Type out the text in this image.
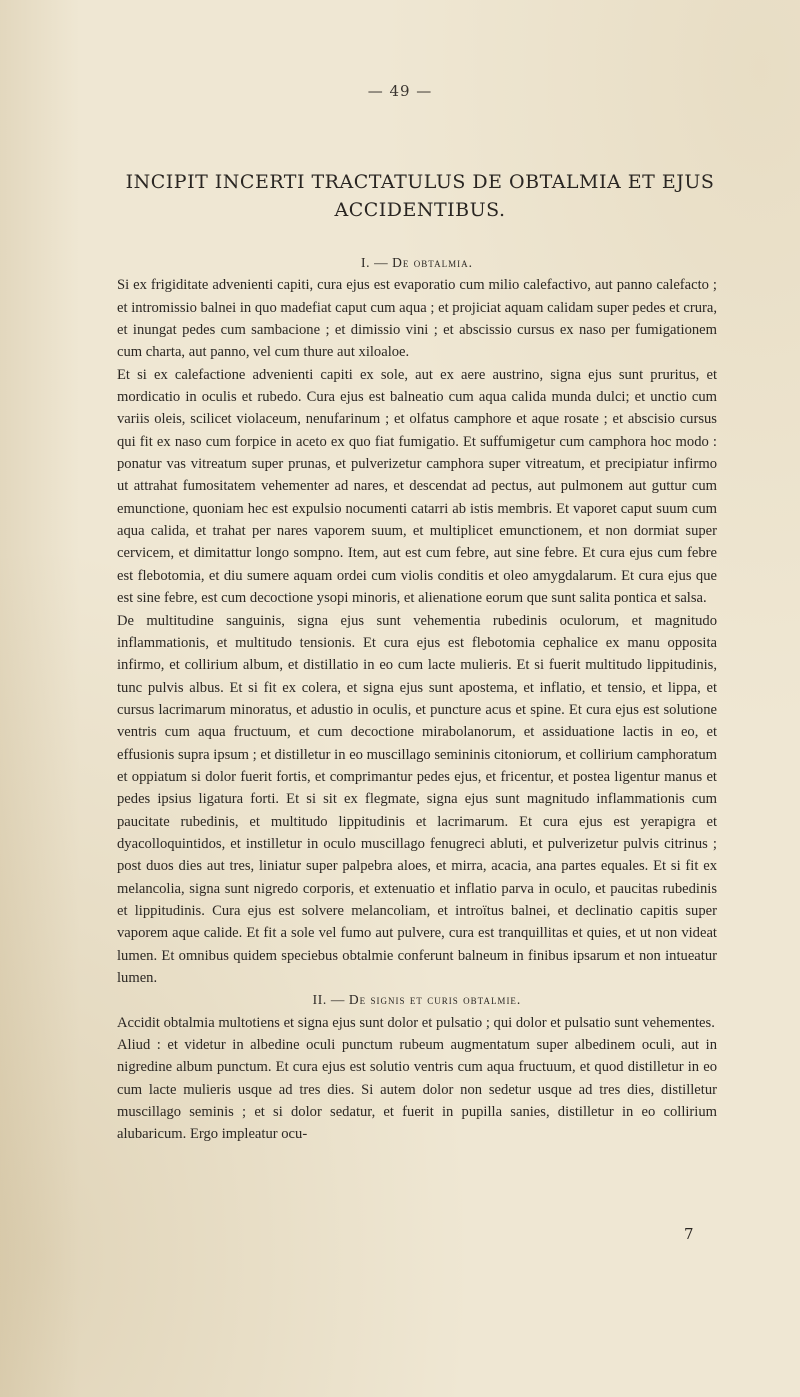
— 49 —
INCIPIT INCERTI TRACTATULUS DE OBTALMIA ET EJUS
ACCIDENTIBUS.

I. — De obtalmia.

Si ex frigiditate advenienti capiti, cura ejus est evaporatio cum milio calefactivo, aut panno calefacto ; et intromissio balnei in quo madefiat caput cum aqua ; et projiciat aquam calidam super pedes et crura, et inungat pedes cum sambacione ; et dimissio vini ; et abscissio cursus ex naso per fumigationem cum charta, aut panno, vel cum thure aut xiloaloe.

Et si ex calefactione advenienti capiti ex sole, aut ex aere austrino, signa ejus sunt pruritus, et mordicatio in oculis et rubedo. Cura ejus est balneatio cum aqua calida munda dulci; et unctio cum variis oleis, scilicet violaceum, nenufarinum ; et olfatus camphore et aque rosate ; et abscisio cursus qui fit ex naso cum forpice in aceto ex quo fiat fumigatio. Et suffumigetur cum camphora hoc modo : ponatur vas vitreatum super prunas, et pulverizetur camphora super vitreatum, et precipiatur infirmo ut attrahat fumositatem vehementer ad nares, et descendat ad pectus, aut pulmonem aut guttur cum emunctione, quoniam hec est expulsio nocumenti catarri ab istis membris. Et vaporet caput suum cum aqua calida, et trahat per nares vaporem suum, et multiplicet emunctionem, et non dormiat super cervicem, et dimitattur longo sompno. Item, aut est cum febre, aut sine febre. Et cura ejus cum febre est flebotomia, et diu sumere aquam ordei cum violis conditis et oleo amygdalarum. Et cura ejus que est sine febre, est cum decoctione ysopi minoris, et alienatione eorum que sunt salita pontica et salsa.

De multitudine sanguinis, signa ejus sunt vehementia rubedinis oculorum, et magnitudo inflammationis, et multitudo tensionis. Et cura ejus est flebotomia cephalice ex manu opposita infirmo, et collirium album, et distillatio in eo cum lacte mulieris. Et si fuerit multitudo lippitudinis, tunc pulvis albus. Et si fit ex colera, et signa ejus sunt apostema, et inflatio, et tensio, et lippa, et cursus lacrimarum minoratus, et adustio in oculis, et puncture acus et spine. Et cura ejus est solutione ventris cum aqua fructuum, et cum decoctione mirabolanorum, et assiduatione lactis in eo, et effusionis supra ipsum ; et distilletur in eo muscillago semininis citoniorum, et collirium camphoratum et oppiatum si dolor fuerit fortis, et comprimantur pedes ejus, et fricentur, et postea ligentur manus et pedes ipsius ligatura forti. Et si sit ex flegmate, signa ejus sunt magnitudo inflammationis cum paucitate rubedinis, et multitudo lippitudinis et lacrimarum. Et cura ejus est yerapigra et dyacolloquintidos, et instilletur in oculo muscillago fenugreci abluti, et pulverizetur pulvis citrinus ; post duos dies aut tres, liniatur super palpebra aloes, et mirra, acacia, ana partes equales. Et si fit ex melancolia, signa sunt nigredo corporis, et extenuatio et inflatio parva in oculo, et paucitas rubedinis et lippitudinis. Cura ejus est solvere melancoliam, et introïtus balnei, et declinatio capitis super vaporem aque calide. Et fit a sole vel fumo aut pulvere, cura est tranquillitas et quies, et ut non videat lumen. Et omnibus quidem speciebus obtalmie conferunt balneum in finibus ipsarum et non intueatur lumen.

II. — De signis et curis obtalmie.

Accidit obtalmia multotiens et signa ejus sunt dolor et pulsatio ; qui dolor et pulsatio sunt vehementes.

Aliud : et videtur in albedine oculi punctum rubeum augmentatum super albedinem oculi, aut in nigredine album punctum. Et cura ejus est solutio ventris cum aqua fructuum, et quod distilletur in eo cum lacte mulieris usque ad tres dies. Si autem dolor non sedetur usque ad tres dies, distilletur muscillago seminis ; et si dolor sedatur, et fuerit in pupilla sanies, distilletur in eo collirium alubaricum. Ergo impleatur ocu-

7
